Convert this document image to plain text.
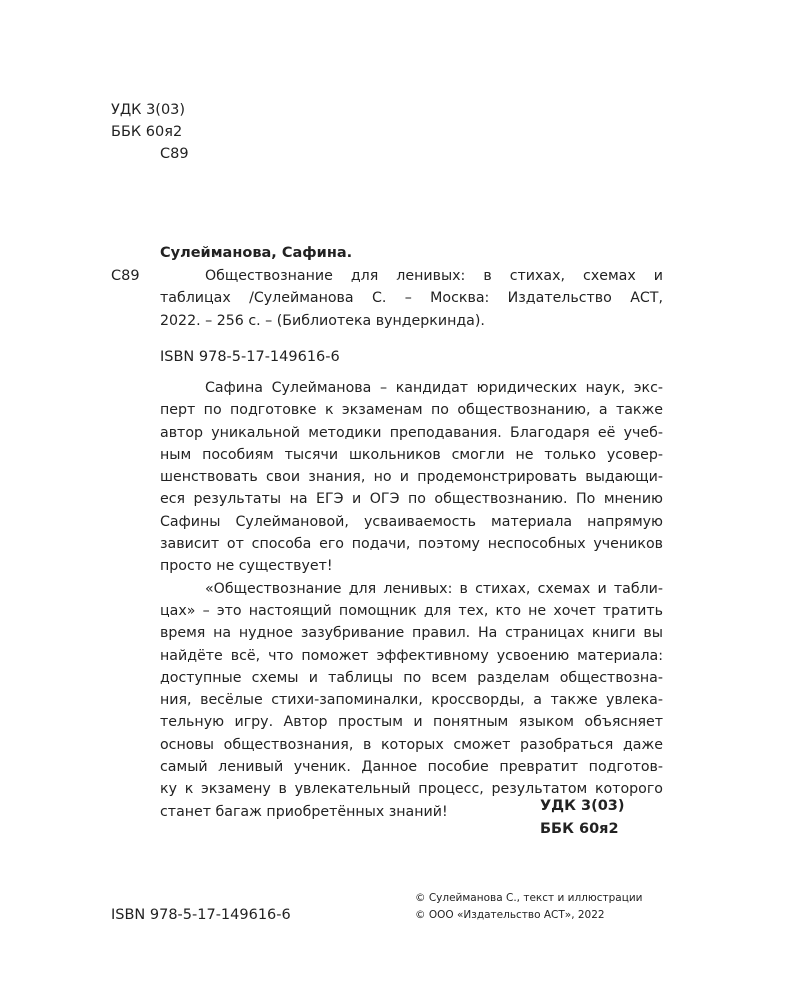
УДК 3(03)
ББК 60я2
С89
Сулейманова, Сафина.
С89	Обществознание для ленивых: в стихах, схемах и
таблицах /Сулейманова С. – Москва: Издательство АСТ,
2022. – 256 с. – (Библиотека вундеркинда).
ISBN 978-5-17-149616-6
Сафина Сулейманова – кандидат юридических наук, экс-
перт по подготовке к экзаменам по обществознанию, а также
автор уникальной методики преподавания. Благодаря её учеб-
ным пособиям тысячи школьников смогли не только усовер-
шенствовать свои знания, но и продемонстрировать выдающи-
еся результаты на ЕГЭ и ОГЭ по обществознанию. По мнению
Сафины Сулеймановой, усваиваемость материала напрямую
зависит от способа его подачи, поэтому неспособных учеников
просто не существует!
«Обществознание для ленивых: в стихах, схемах и табли-
цах» – это настоящий помощник для тех, кто не хочет тратить
время на нудное зазубривание правил. На страницах книги вы
найдёте всё, что поможет эффективному усвоению материала:
доступные схемы и таблицы по всем разделам обществозна-
ния, весёлые стихи-запоминалки, кроссворды, а также увлека-
тельную игру. Автор простым и понятным языком объясняет
основы обществознания, в которых сможет разобраться даже
самый ленивый ученик. Данное пособие превратит подготов-
ку к экзамену в увлекательный процесс, результатом которого
станет багаж приобретённых знаний!	УДК 3(03)
ББК 60я2
ISBN 978-5-17-149616-6
© Сулейманова С., текст и иллюстрации
© ООО «Издательство АСТ», 2022
